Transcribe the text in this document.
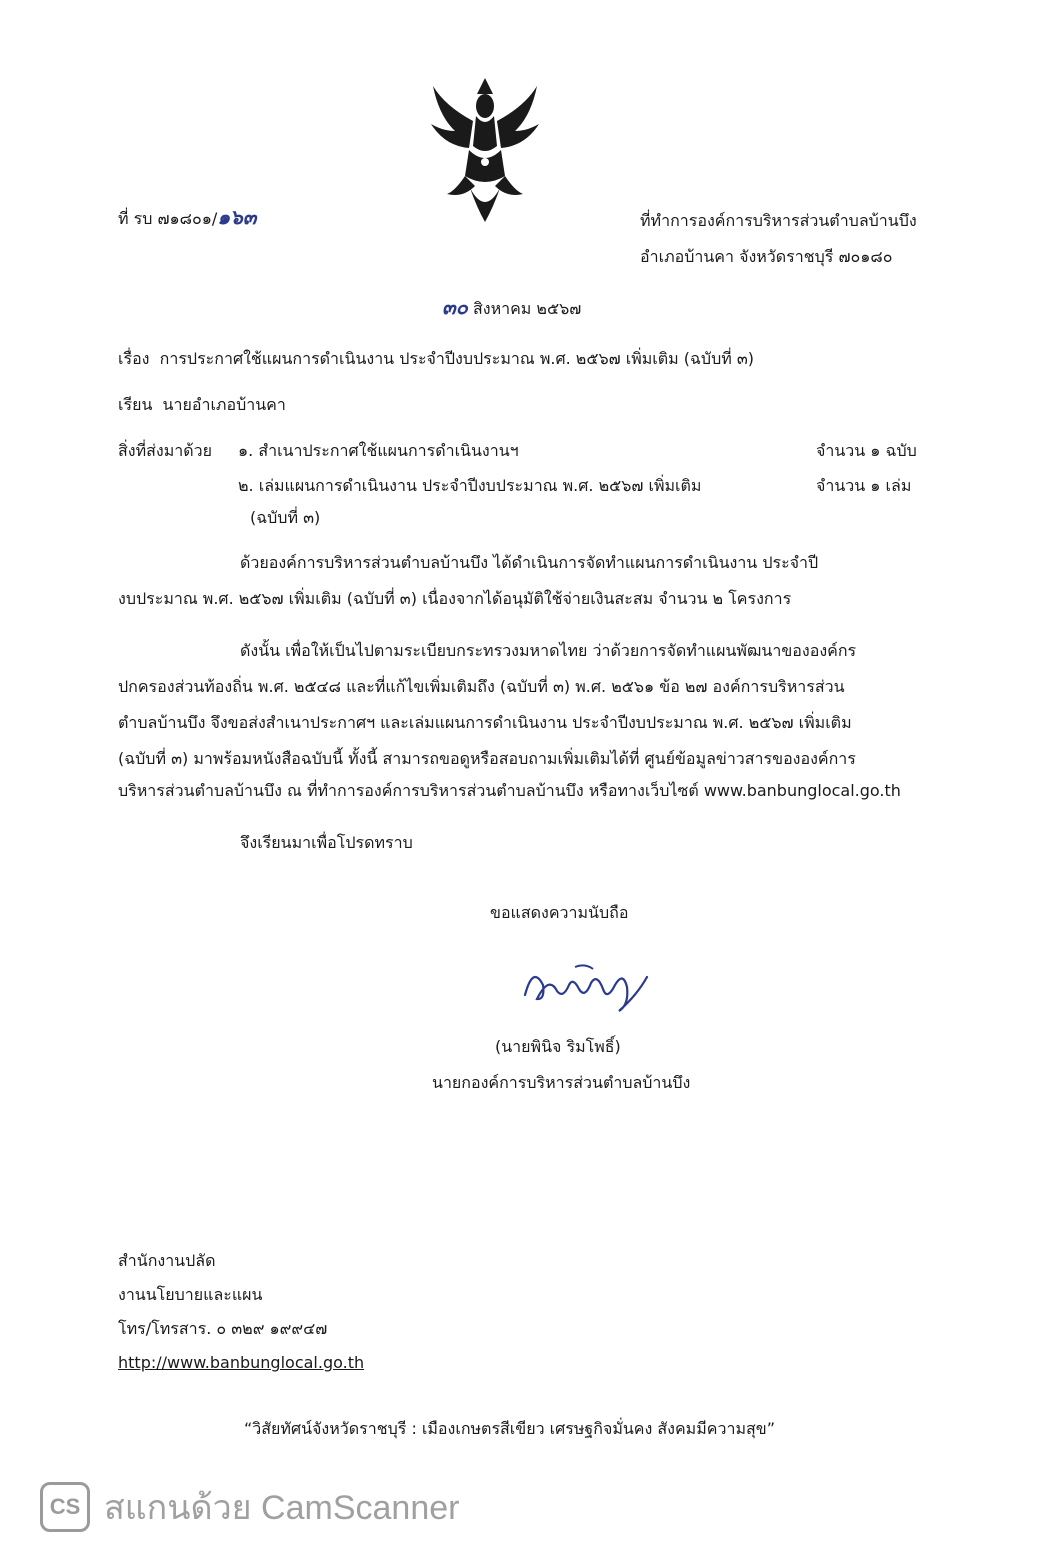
ที่ รบ ๗๑๘๐๑/๑๖๓	ที่ทำการองค์การบริหารส่วนตำบลบ้านบึง
อำเภอบ้านคา จังหวัดราชบุรี ๗๐๑๘๐
๓๐ สิงหาคม ๒๕๖๗
เรื่อง การประกาศใช้แผนการดำเนินงาน ประจำปีงบประมาณ พ.ศ. ๒๕๖๗ เพิ่มเติม (ฉบับที่ ๓)
เรียน นายอำเภอบ้านคา
สิ่งที่ส่งมาด้วย ๑. สำเนาประกาศใช้แผนการดำเนินงานฯ	จำนวน ๑ ฉบับ
๒. เล่มแผนการดำเนินงาน ประจำปีงบประมาณ พ.ศ. ๒๕๖๗ เพิ่มเติม	จำนวน ๑ เล่ม
(ฉบับที่ ๓)
ด้วยองค์การบริหารส่วนตำบลบ้านบึง ได้ดำเนินการจัดทำแผนการดำเนินงาน ประจำปี
งบประมาณ พ.ศ. ๒๕๖๗ เพิ่มเติม (ฉบับที่ ๓) เนื่องจากได้อนุมัติใช้จ่ายเงินสะสม จำนวน ๒ โครงการ
ดังนั้น เพื่อให้เป็นไปตามระเบียบกระทรวงมหาดไทย ว่าด้วยการจัดทำแผนพัฒนาขององค์กร
ปกครองส่วนท้องถิ่น พ.ศ. ๒๕๔๘ และที่แก้ไขเพิ่มเติมถึง (ฉบับที่ ๓) พ.ศ. ๒๕๖๑ ข้อ ๒๗ องค์การบริหารส่วน
ตำบลบ้านบึง จึงขอส่งสำเนาประกาศฯ และเล่มแผนการดำเนินงาน ประจำปีงบประมาณ พ.ศ. ๒๕๖๗ เพิ่มเติม
(ฉบับที่ ๓) มาพร้อมหนังสือฉบับนี้ ทั้งนี้ สามารถขอดูหรือสอบถามเพิ่มเติมได้ที่ ศูนย์ข้อมูลข่าวสารขององค์การ
บริหารส่วนตำบลบ้านบึง ณ ที่ทำการองค์การบริหารส่วนตำบลบ้านบึง หรือทางเว็บไซต์ www.banbunglocal.go.th
จึงเรียนมาเพื่อโปรดทราบ
ขอแสดงความนับถือ
(นายพินิจ ริมโพธิ์)
นายกองค์การบริหารส่วนตำบลบ้านบึง
สำนักงานปลัด
งานนโยบายและแผน
โทร/โทรสาร. ๐ ๓๒๙ ๑๙๙๔๗
http://www.banbunglocal.go.th
“วิสัยทัศน์จังหวัดราชบุรี : เมืองเกษตรสีเขียว เศรษฐกิจมั่นคง สังคมมีความสุข”
CS สแกนด้วย CamScanner
